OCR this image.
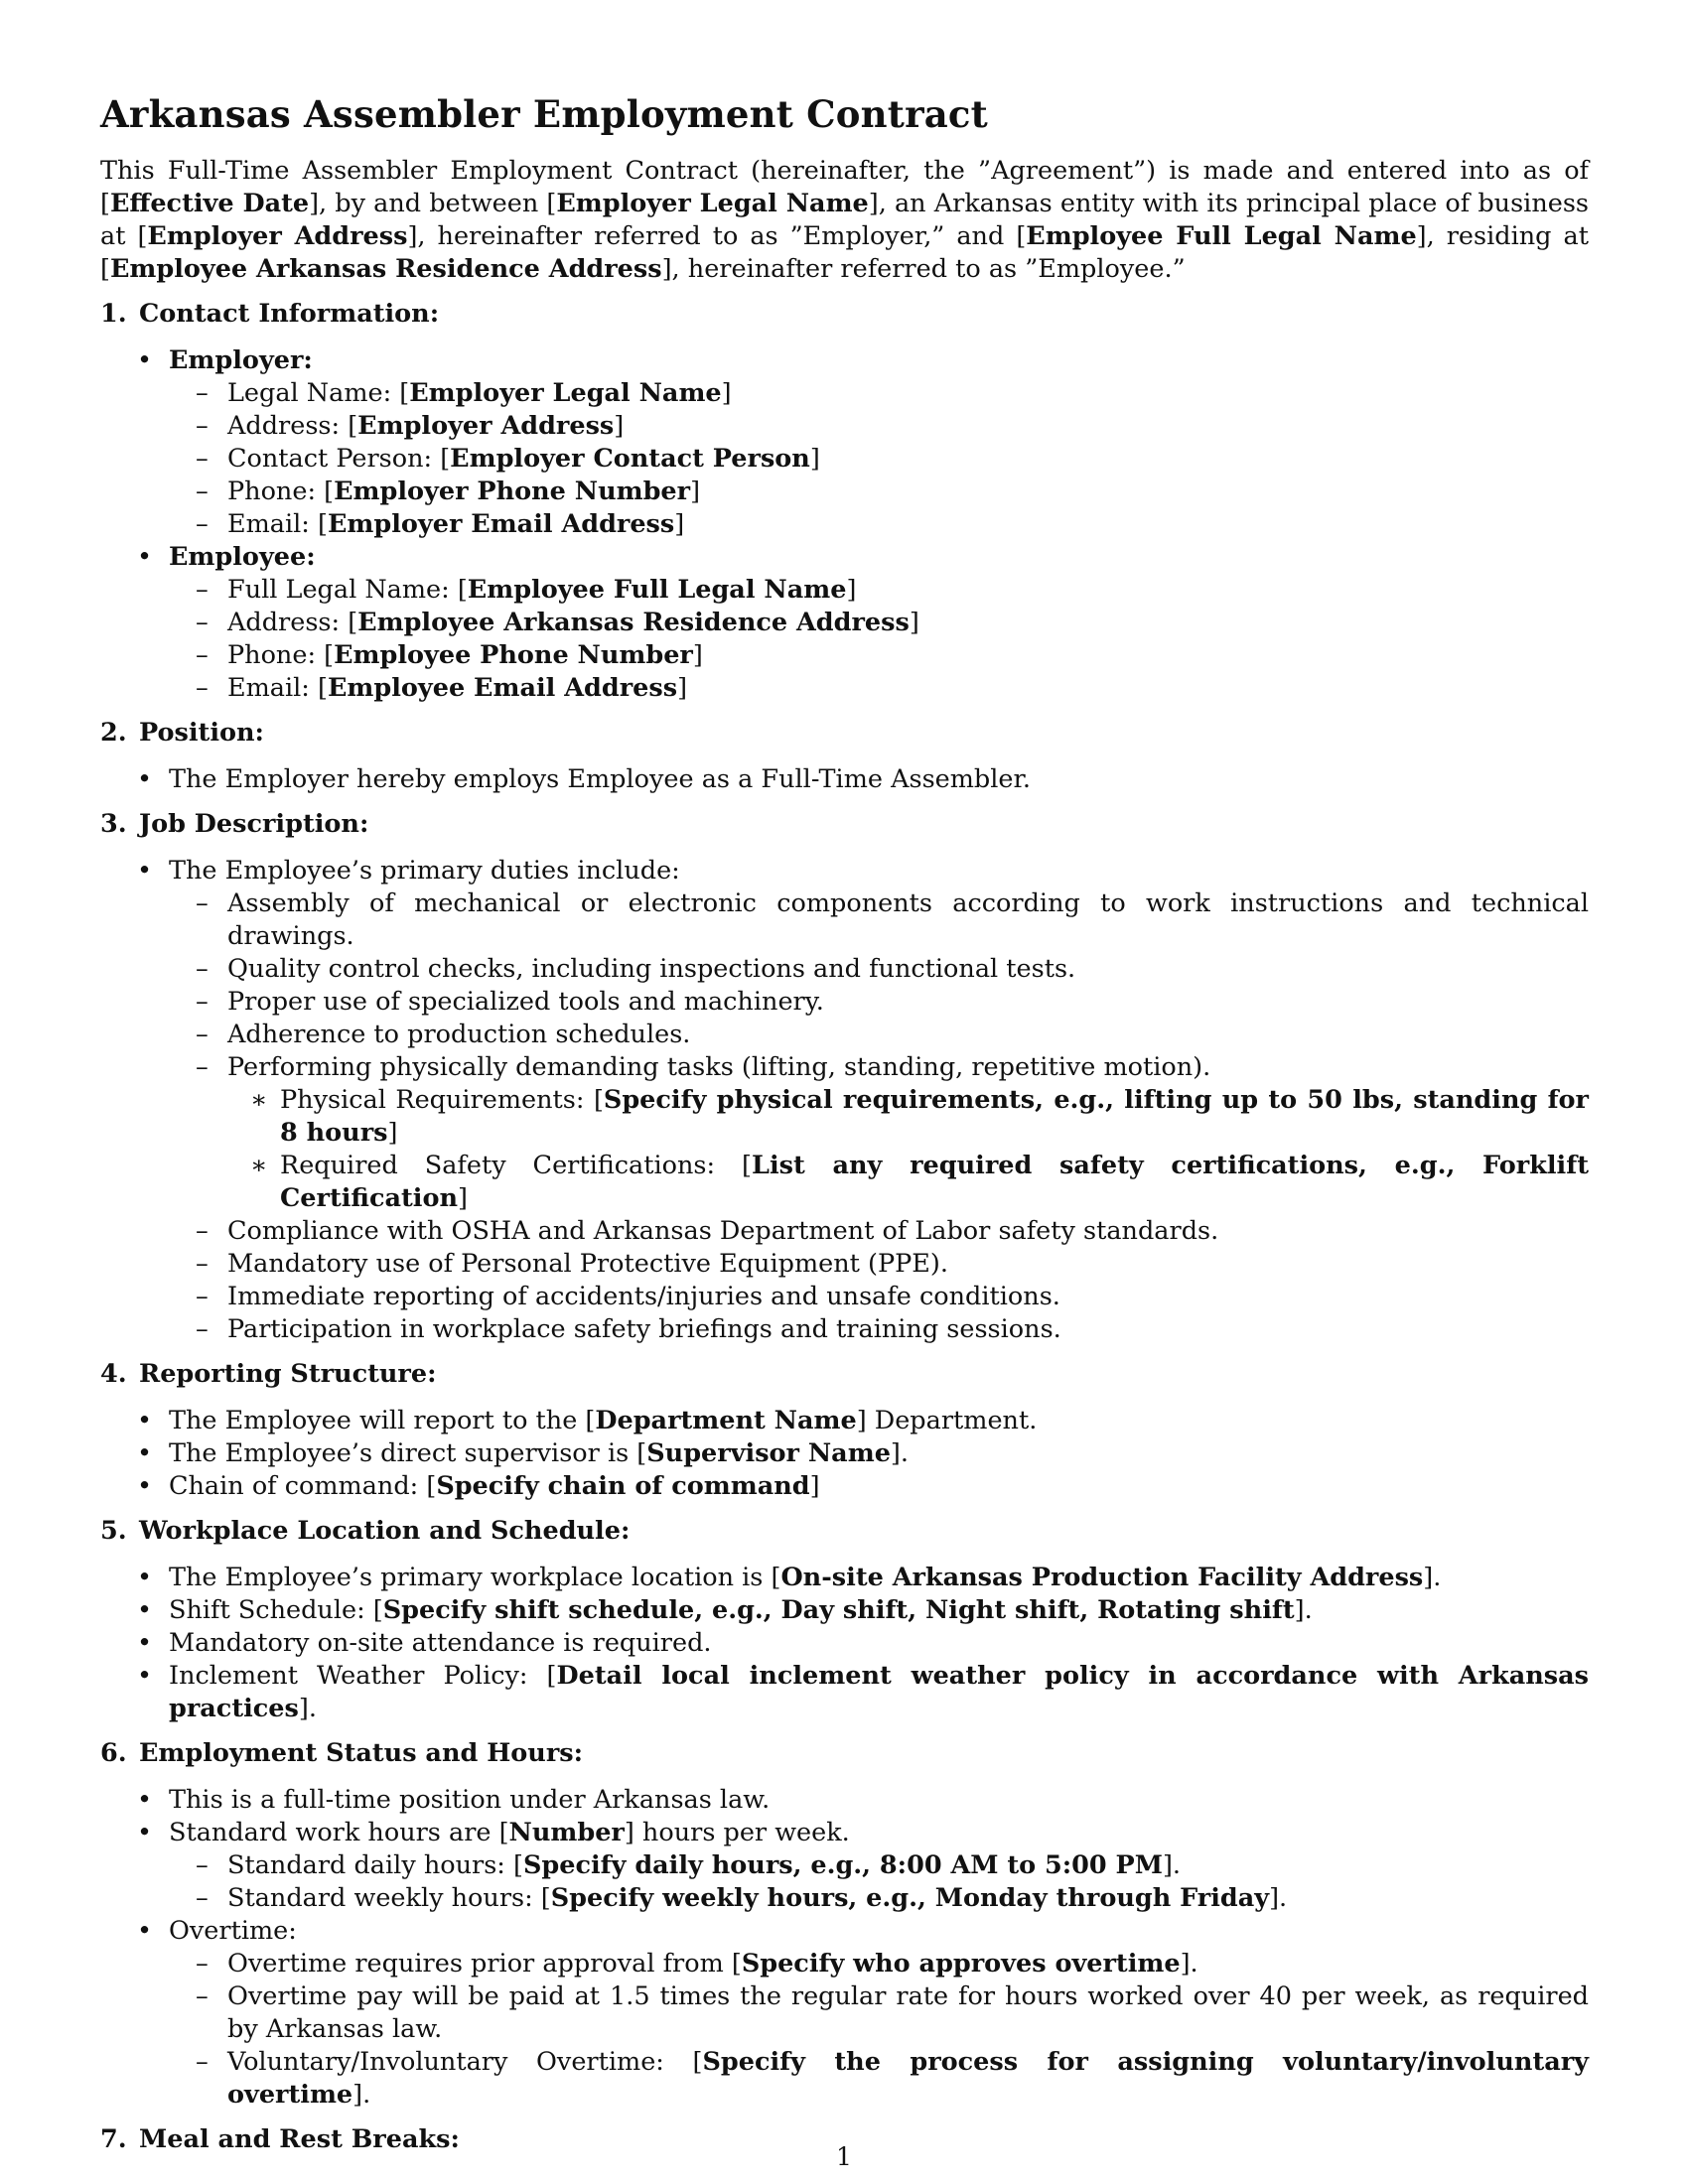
Arkansas Assembler Employment Contract

This Full-Time Assembler Employment Contract (hereinafter, the ”Agreement”) is made and entered into as of [Effective Date], by and between [Employer Legal Name], an Arkansas entity with its principal place of business at [Employer Address], hereinafter referred to as ”Employer,” and [Employee Full Legal Name], residing at [Employee Arkansas Residence Address], hereinafter referred to as ”Employee.”

1. Contact Information:
• Employer:
– Legal Name: [Employer Legal Name]
– Address: [Employer Address]
– Contact Person: [Employer Contact Person]
– Phone: [Employer Phone Number]
– Email: [Employer Email Address]
• Employee:
– Full Legal Name: [Employee Full Legal Name]
– Address: [Employee Arkansas Residence Address]
– Phone: [Employee Phone Number]
– Email: [Employee Email Address]
2. Position:
• The Employer hereby employs Employee as a Full-Time Assembler.
3. Job Description:
• The Employee’s primary duties include:
– Assembly of mechanical or electronic components according to work instructions and technical drawings.
– Quality control checks, including inspections and functional tests.
– Proper use of specialized tools and machinery.
– Adherence to production schedules.
– Performing physically demanding tasks (lifting, standing, repetitive motion).
∗ Physical Requirements: [Specify physical requirements, e.g., lifting up to 50 lbs, standing for 8 hours]
∗ Required Safety Certifications: [List any required safety certifications, e.g., Forklift Certification]
– Compliance with OSHA and Arkansas Department of Labor safety standards.
– Mandatory use of Personal Protective Equipment (PPE).
– Immediate reporting of accidents/injuries and unsafe conditions.
– Participation in workplace safety briefings and training sessions.
4. Reporting Structure:
• The Employee will report to the [Department Name] Department.
• The Employee’s direct supervisor is [Supervisor Name].
• Chain of command: [Specify chain of command]
5. Workplace Location and Schedule:
• The Employee’s primary workplace location is [On-site Arkansas Production Facility Address].
• Shift Schedule: [Specify shift schedule, e.g., Day shift, Night shift, Rotating shift].
• Mandatory on-site attendance is required.
• Inclement Weather Policy: [Detail local inclement weather policy in accordance with Arkansas practices].
6. Employment Status and Hours:
• This is a full-time position under Arkansas law.
• Standard work hours are [Number] hours per week.
– Standard daily hours: [Specify daily hours, e.g., 8:00 AM to 5:00 PM].
– Standard weekly hours: [Specify weekly hours, e.g., Monday through Friday].
• Overtime:
– Overtime requires prior approval from [Specify who approves overtime].
– Overtime pay will be paid at 1.5 times the regular rate for hours worked over 40 per week, as required by Arkansas law.
– Voluntary/Involuntary Overtime: [Specify the process for assigning voluntary/involuntary overtime].
7. Meal and Rest Breaks:
1
